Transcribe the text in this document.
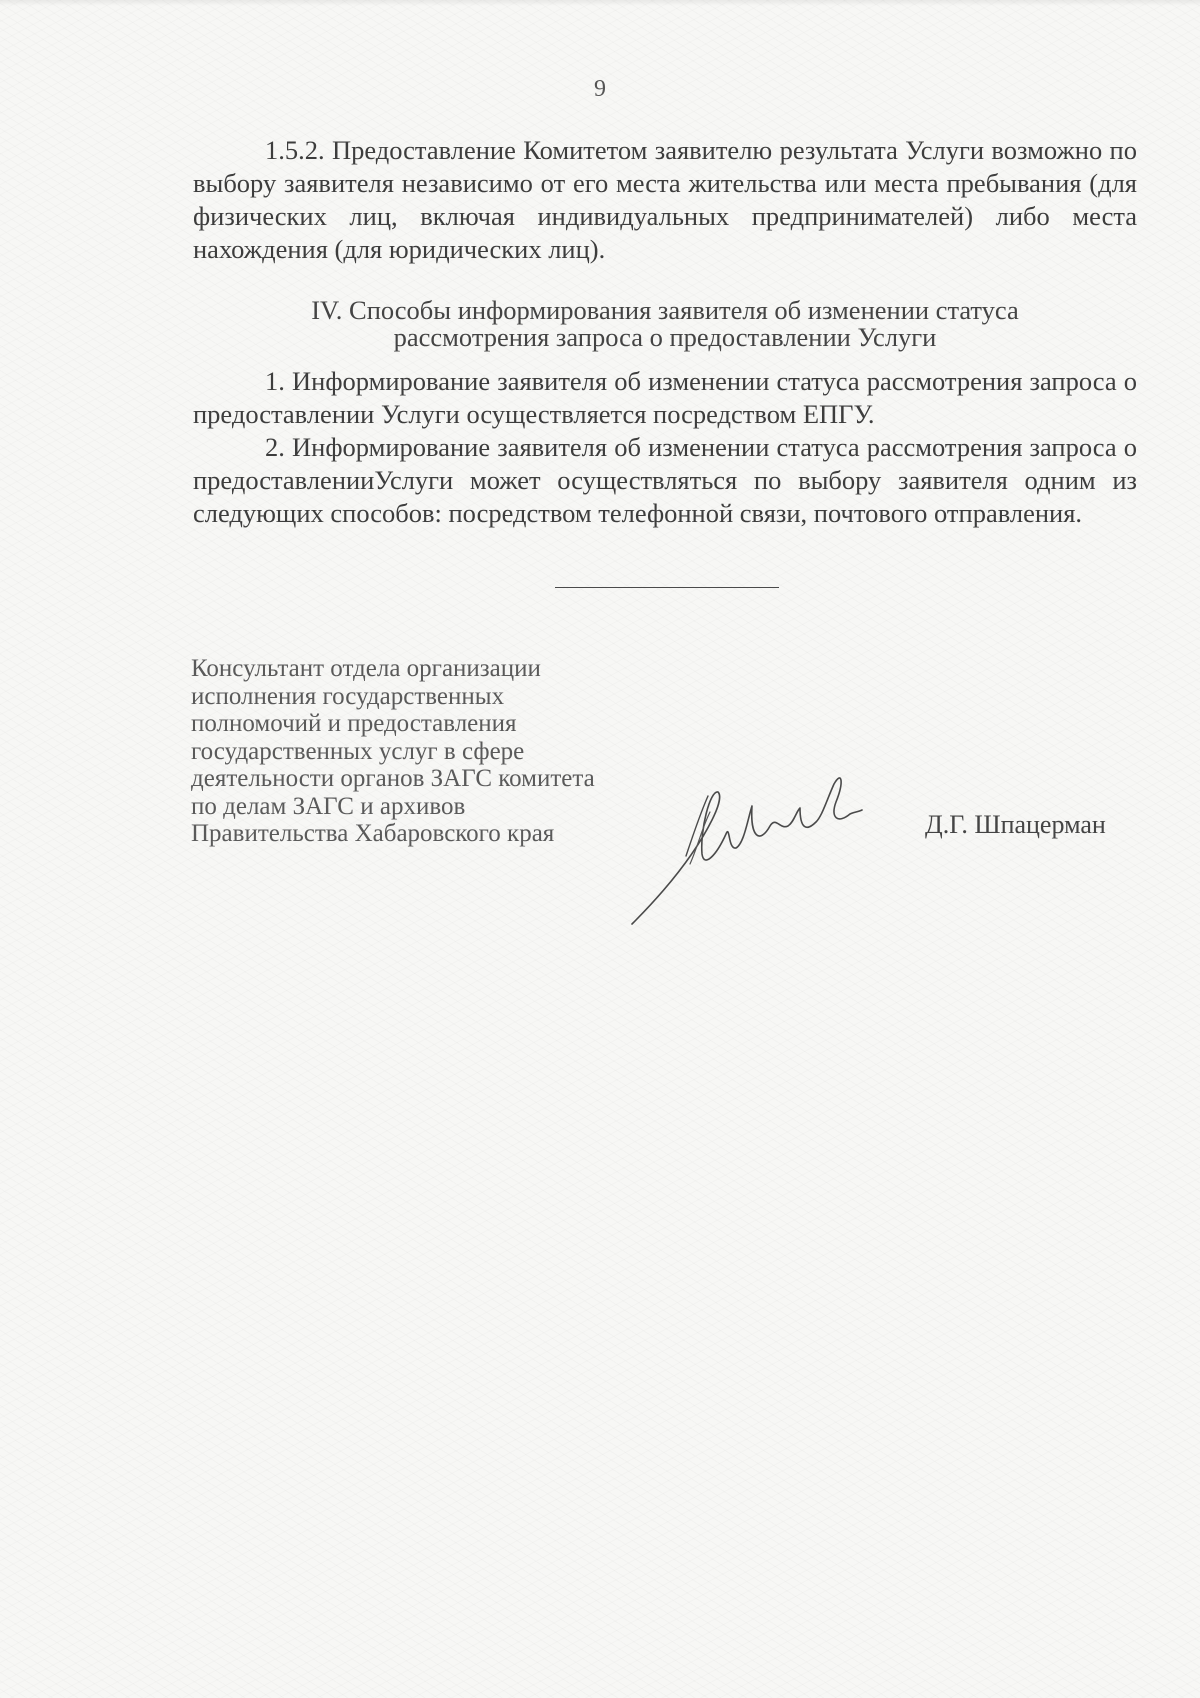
9

1.5.2. Предоставление Комитетом заявителю результата Услуги возможно по выбору заявителя независимо от его места жительства или места пребывания (для физических лиц, включая индивидуальных предпринимателей) либо места нахождения (для юридических лиц).

IV. Способы информирования заявителя об изменении статуса
рассмотрения запроса о предоставлении Услуги

1. Информирование заявителя об изменении статуса рассмотрения запроса о предоставлении Услуги осуществляется посредством ЕПГУ.

2. Информирование заявителя об изменении статуса рассмотрения запроса о предоставленииУслуги может осуществляться по выбору заявителя одним из следующих способов: посредством телефонной связи, почтового отправления.

Консультант отдела организации
исполнения государственных
полномочий и предоставления
государственных услуг в сфере
деятельности органов ЗАГС комитета
по делам ЗАГС и архивов
Правительства Хабаровского края	Д.Г. Шпацерман
